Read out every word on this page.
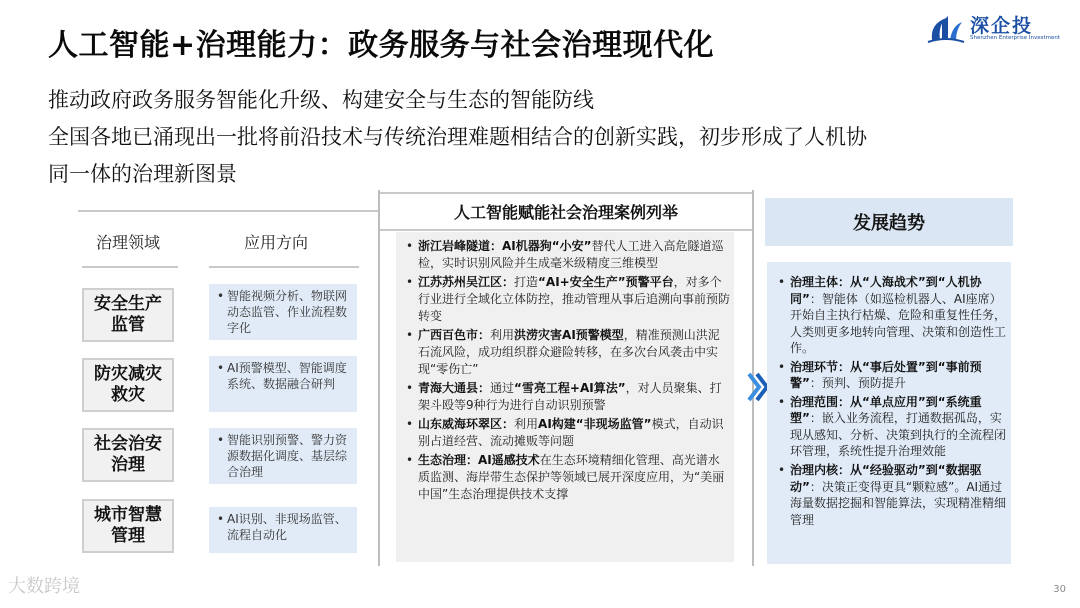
人工智能+治理能力：政务服务与社会治理现代化
深企投
Shenzhen Enterprise Investment
推动政府政务服务智能化升级、构建安全与生态的智能防线
全国各地已涌现出一批将前沿技术与传统治理难题相结合的创新实践，初步形成了人机协
同一体的治理新图景
治理领域	应用方向
安全生产监管
• 智能视频分析、物联网动态监管、作业流程数字化
防灾减灾救灾
• AI预警模型、智能调度系统、数据融合研判
社会治安治理
• 智能识别预警、警力资源数据化调度、基层综合治理
城市智慧管理
• AI识别、非现场监管、流程自动化
人工智能赋能社会治理案例列举
• 浙江岩峰隧道：AI机器狗“小安”替代人工进入高危隧道巡检，实时识别风险并生成毫米级精度三维模型
• 江苏苏州吴江区：打造“AI+安全生产”预警平台，对多个行业进行全域化立体防控，推动管理从事后追溯向事前预防转变
• 广西百色市：利用洪涝灾害AI预警模型，精准预测山洪泥石流风险，成功组织群众避险转移，在多次台风袭击中实现“零伤亡”
• 青海大通县：通过“雪亮工程+AI算法”，对人员聚集、打架斗殴等9种行为进行自动识别预警
• 山东威海环翠区：利用AI构建“非现场监管”模式，自动识别占道经营、流动摊贩等问题
• 生态治理：AI遥感技术在生态环境精细化管理、高光谱水质监测、海岸带生态保护等领域已展开深度应用，为“美丽中国”生态治理提供技术支撑
发展趋势
• 治理主体：从“人海战术”到“人机协同”：智能体（如巡检机器人、AI座席）开始自主执行枯燥、危险和重复性任务，人类则更多地转向管理、决策和创造性工作。
• 治理环节：从“事后处置”到“事前预警”：预判、预防提升
• 治理范围：从“单点应用”到“系统重塑”：嵌入业务流程，打通数据孤岛，实现从感知、分析、决策到执行的全流程闭环管理，系统性提升治理效能
• 治理内核：从“经验驱动”到“数据驱动”：决策正变得更具“颗粒感”。AI通过海量数据挖掘和智能算法，实现精准精细管理
大数跨境	30
